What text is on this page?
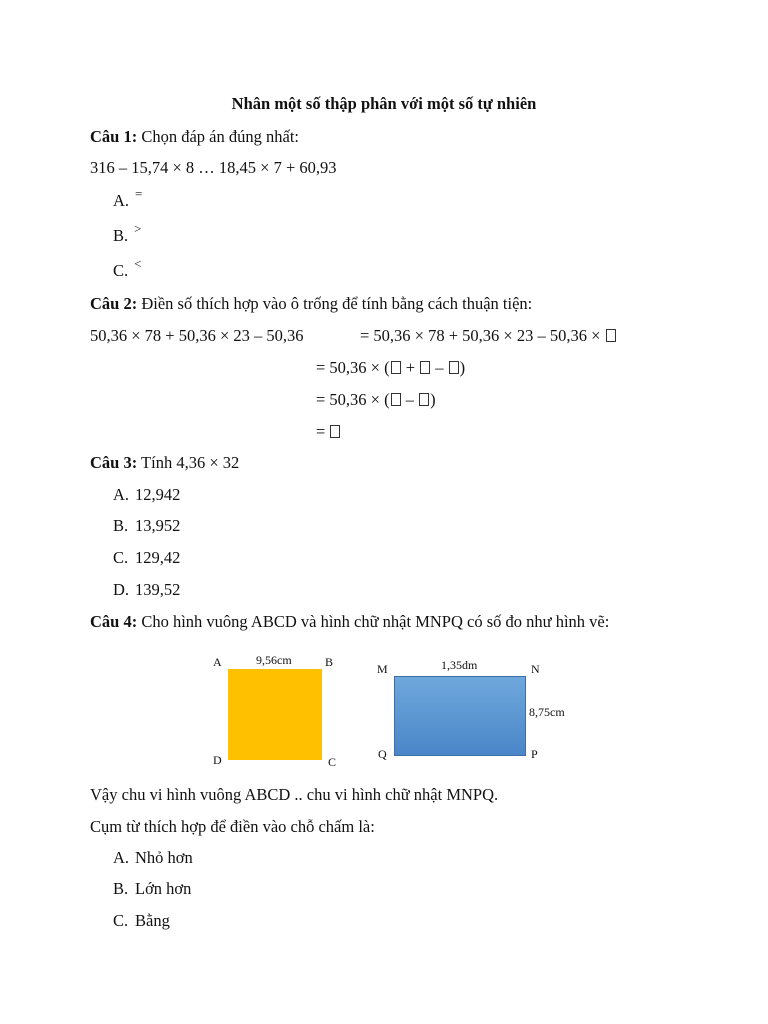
Nhân một số thập phân với một số tự nhiên
Câu 1: Chọn đáp án đúng nhất:
316 – 15,74 × 8 … 18,45 × 7 + 60,93
A. =
B. >
C. <
Câu 2: Điền số thích hợp vào ô trống để tính bằng cách thuận tiện:
50,36 × 78 + 50,36 × 23 – 50,36	= 50,36 × 78 + 50,36 × 23 – 50,36 ×
= 50,36 × ( +  – )
= 50,36 × ( – )
=
Câu 3: Tính 4,36 × 32
A. 12,942
B. 13,952
C. 129,42
D. 139,52
Câu 4: Cho hình vuông ABCD và hình chữ nhật MNPQ có số đo như hình vẽ:
A	9,56cm	B
D	C
M	1,35dm	N
8,75cm
Q	P
Vậy chu vi hình vuông ABCD .. chu vi hình chữ nhật MNPQ.
Cụm từ thích hợp để điền vào chỗ chấm là:
A. Nhỏ hơn
B. Lớn hơn
C. Bằng
